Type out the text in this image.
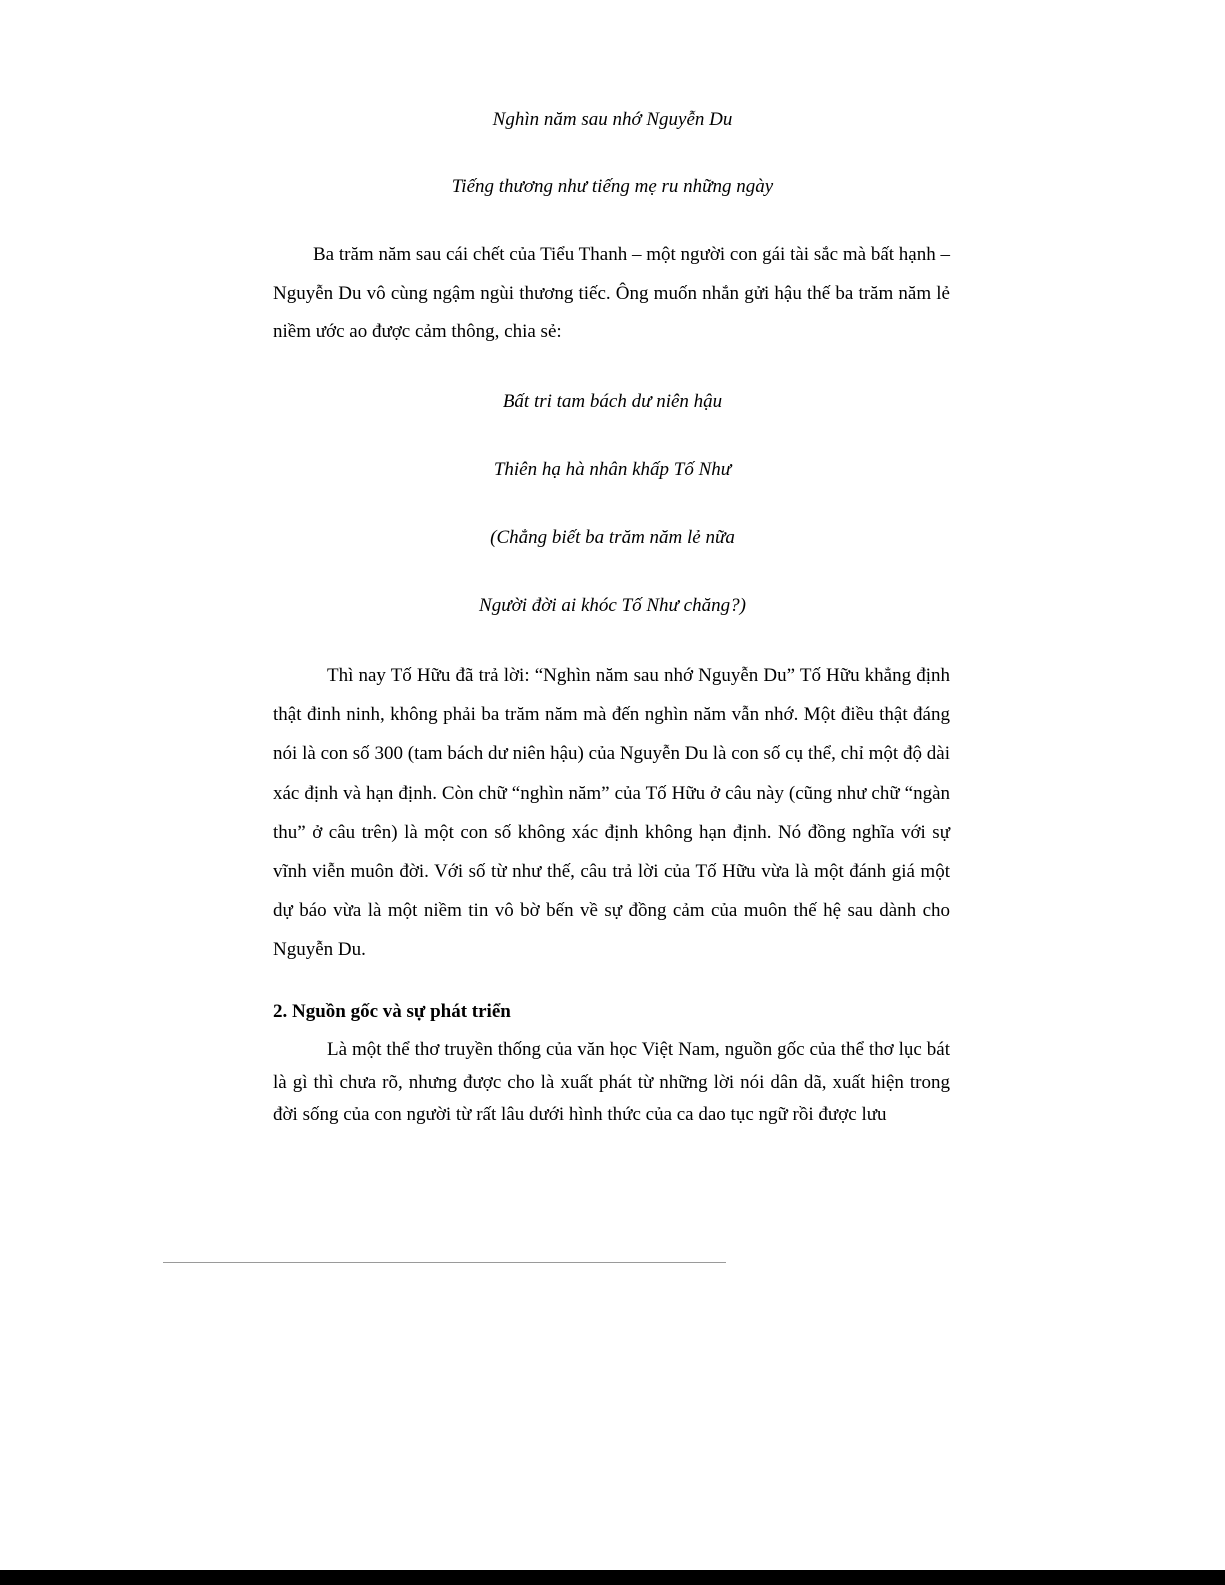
Nghìn năm sau nhớ Nguyễn Du

Tiếng thương như tiếng mẹ ru những ngày

Ba trăm năm sau cái chết của Tiểu Thanh – một người con gái tài sắc mà bất hạnh – Nguyễn Du vô cùng ngậm ngùi thương tiếc. Ông muốn nhắn gửi hậu thế ba trăm năm lẻ niềm ước ao được cảm thông, chia sẻ:

Bất tri tam bách dư niên hậu

Thiên hạ hà nhân khấp Tố Như

(Chẳng biết ba trăm năm lẻ nữa

Người đời ai khóc Tố Như chăng?)

Thì nay Tố Hữu đã trả lời: “Nghìn năm sau nhớ Nguyễn Du” Tố Hữu khẳng định thật đinh ninh, không phải ba trăm năm mà đến nghìn năm vẫn nhớ. Một điều thật đáng nói là con số 300 (tam bách dư niên hậu) của Nguyễn Du là con số cụ thể, chỉ một độ dài xác định và hạn định. Còn chữ “nghìn năm” của Tố Hữu ở câu này (cũng như chữ “ngàn thu” ở câu trên) là một con số không xác định không hạn định. Nó đồng nghĩa với sự vĩnh viễn muôn đời. Với số từ như thế, câu trả lời của Tố Hữu vừa là một đánh giá một dự báo vừa là một niềm tin vô bờ bến về sự đồng cảm của muôn thế hệ sau dành cho Nguyễn Du.

2. Nguồn gốc và sự phát triển

Là một thể thơ truyền thống của văn học Việt Nam, nguồn gốc của thể thơ lục bát là gì thì chưa rõ, nhưng được cho là xuất phát từ những lời nói dân dã, xuất hiện trong đời sống của con người từ rất lâu dưới hình thức của ca dao tục ngữ rồi được lưu
